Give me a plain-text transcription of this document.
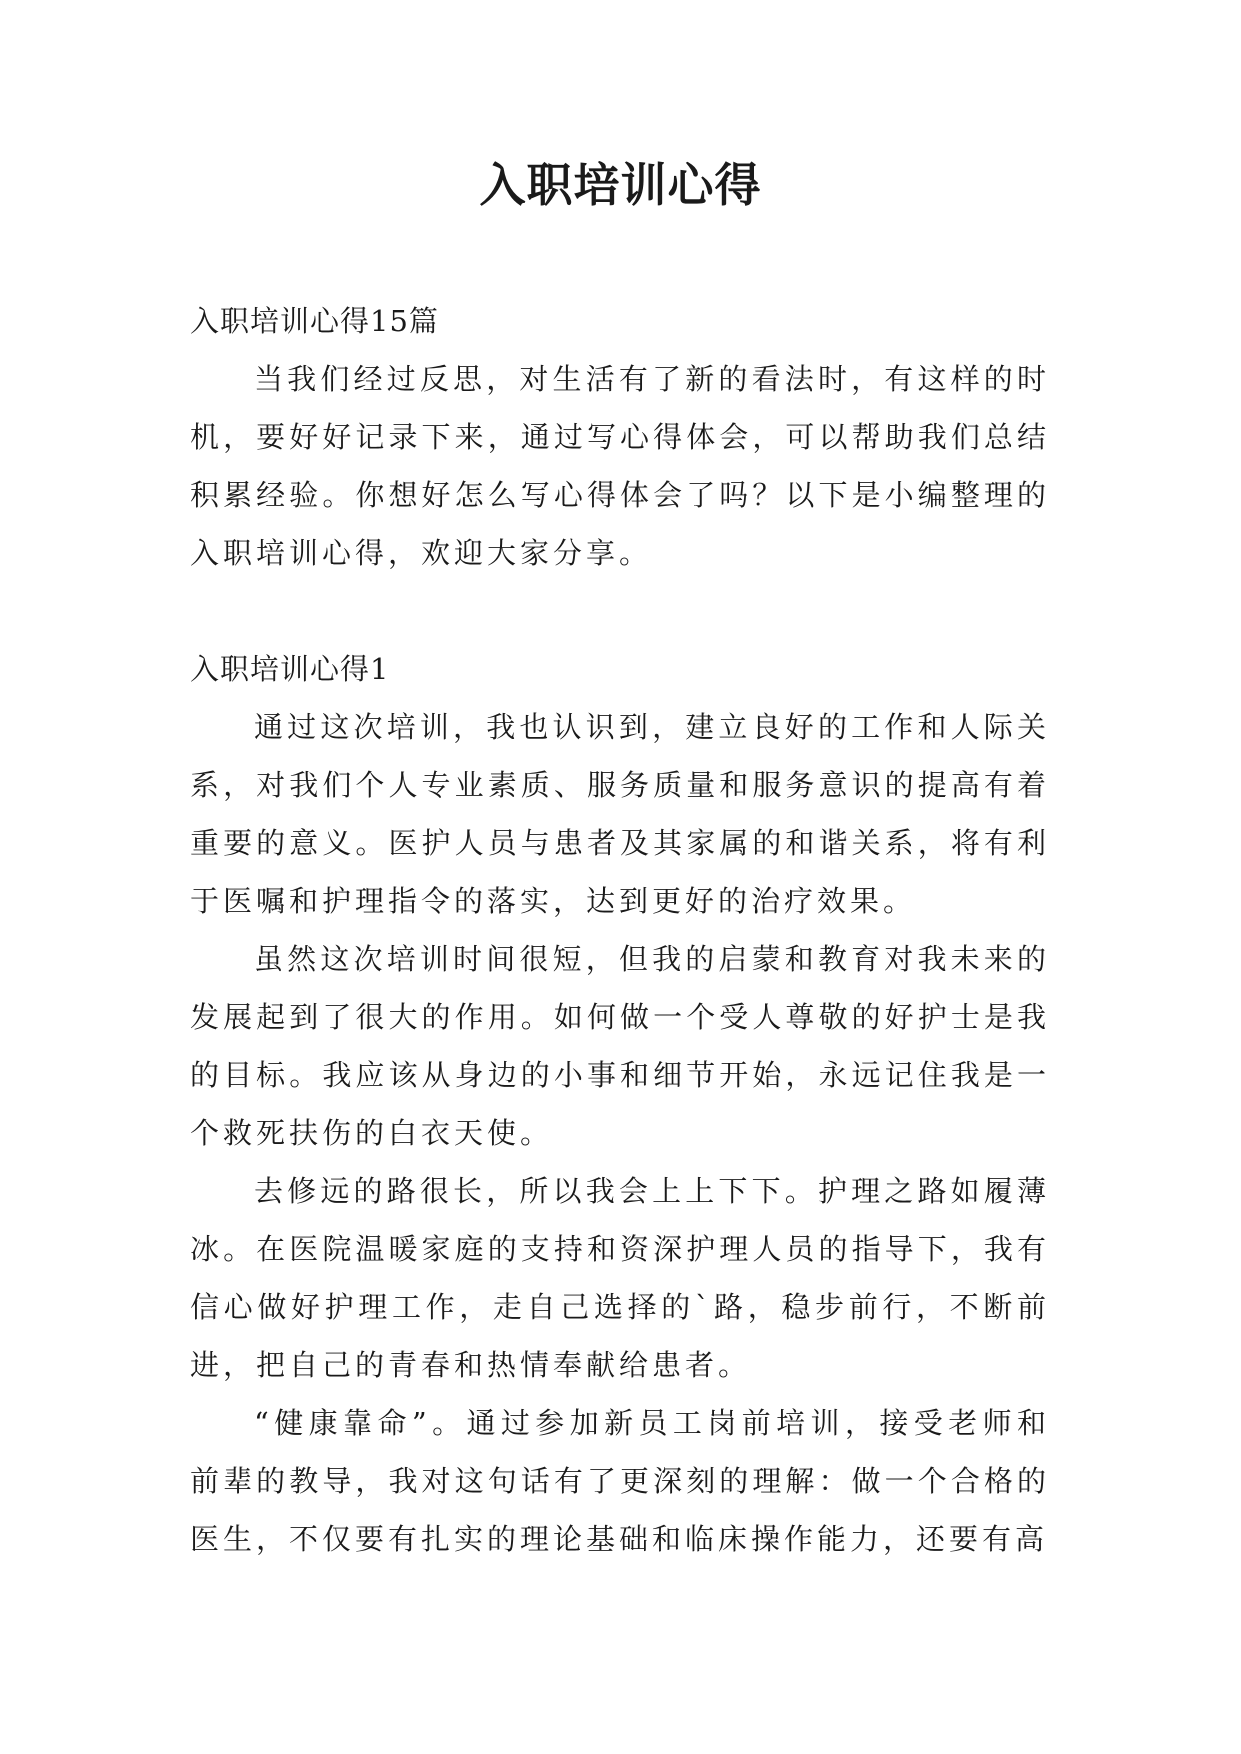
入职培训心得

入职培训心得15篇

当我们经过反思，对生活有了新的看法时，有这样的时机，要好好记录下来，通过写心得体会，可以帮助我们总结积累经验。你想好怎么写心得体会了吗？以下是小编整理的入职培训心得，欢迎大家分享。

入职培训心得1

通过这次培训，我也认识到，建立良好的工作和人际关系，对我们个人专业素质、服务质量和服务意识的提高有着重要的意义。医护人员与患者及其家属的和谐关系，将有利于医嘱和护理指令的落实，达到更好的治疗效果。

虽然这次培训时间很短，但我的启蒙和教育对我未来的发展起到了很大的作用。如何做一个受人尊敬的好护士是我的目标。我应该从身边的小事和细节开始，永远记住我是一个救死扶伤的白衣天使。

去修远的路很长，所以我会上上下下。护理之路如履薄冰。在医院温暖家庭的支持和资深护理人员的指导下，我有信心做好护理工作，走自己选择的`路，稳步前行，不断前进，把自己的青春和热情奉献给患者。

“健康靠命”。通过参加新员工岗前培训，接受老师和前辈的教导，我对这句话有了更深刻的理解：做一个合格的医生，不仅要有扎实的理论基础和临床操作能力，还要有高
